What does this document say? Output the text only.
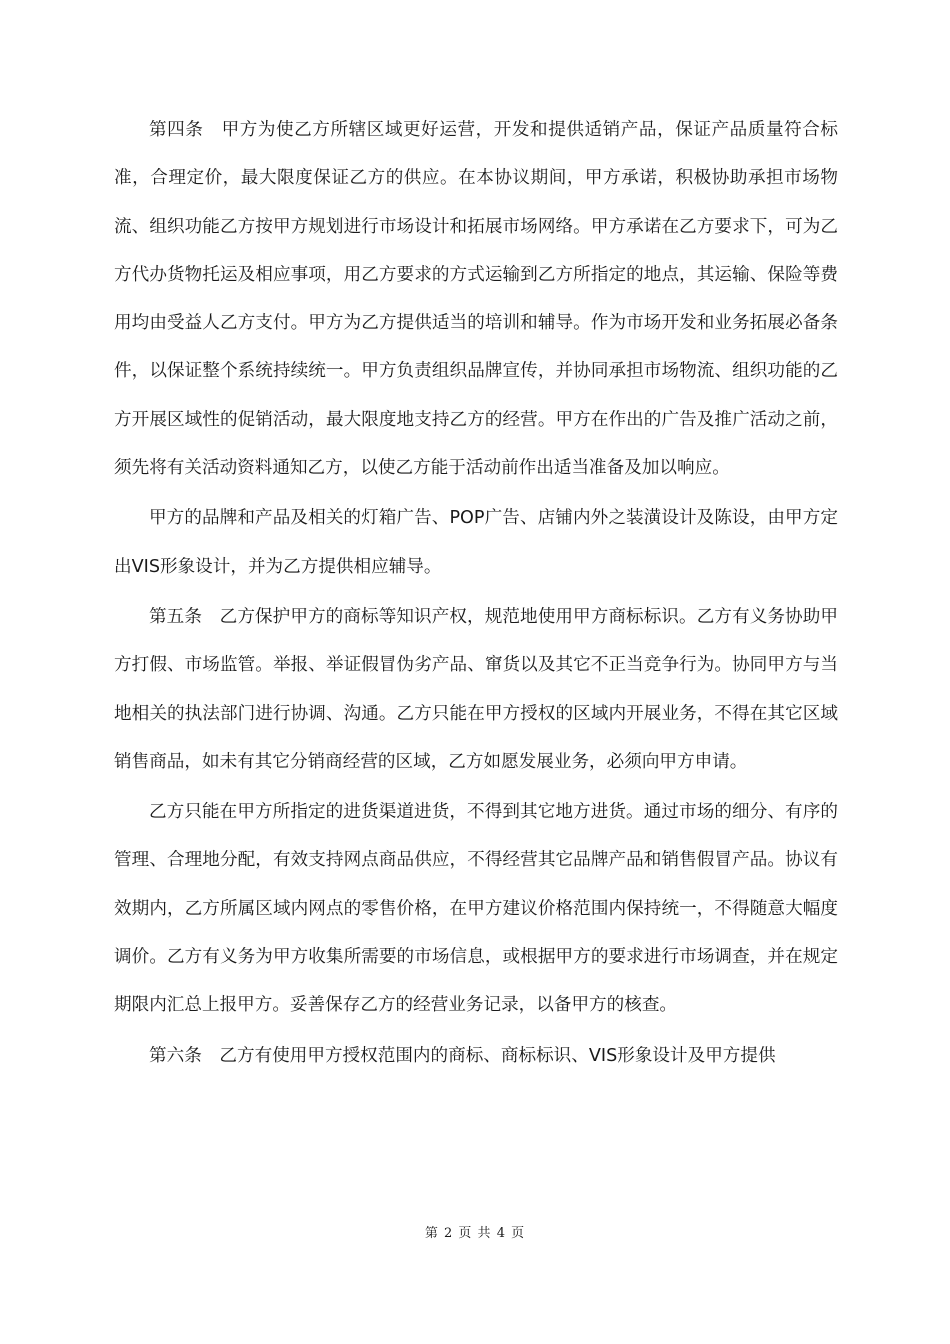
第四条　甲方为使乙方所辖区域更好运营，开发和提供适销产品，保证产品质量符合标准，合理定价，最大限度保证乙方的供应。在本协议期间，甲方承诺，积极协助承担市场物流、组织功能乙方按甲方规划进行市场设计和拓展市场网络。甲方承诺在乙方要求下，可为乙方代办货物托运及相应事项，用乙方要求的方式运输到乙方所指定的地点，其运输、保险等费用均由受益人乙方支付。甲方为乙方提供适当的培训和辅导。作为市场开发和业务拓展必备条件，以保证整个系统持续统一。甲方负责组织品牌宣传，并协同承担市场物流、组织功能的乙方开展区域性的促销活动，最大限度地支持乙方的经营。甲方在作出的广告及推广活动之前，须先将有关活动资料通知乙方，以使乙方能于活动前作出适当准备及加以响应。

甲方的品牌和产品及相关的灯箱广告、POP广告、店铺内外之装潢设计及陈设，由甲方定出VIS形象设计，并为乙方提供相应辅导。

第五条　乙方保护甲方的商标等知识产权，规范地使用甲方商标标识。乙方有义务协助甲方打假、市场监管。举报、举证假冒伪劣产品、窜货以及其它不正当竞争行为。协同甲方与当地相关的执法部门进行协调、沟通。乙方只能在甲方授权的区域内开展业务，不得在其它区域销售商品，如未有其它分销商经营的区域，乙方如愿发展业务，必须向甲方申请。

乙方只能在甲方所指定的进货渠道进货，不得到其它地方进货。通过市场的细分、有序的管理、合理地分配，有效支持网点商品供应，不得经营其它品牌产品和销售假冒产品。协议有效期内，乙方所属区域内网点的零售价格，在甲方建议价格范围内保持统一，不得随意大幅度调价。乙方有义务为甲方收集所需要的市场信息，或根据甲方的要求进行市场调查，并在规定期限内汇总上报甲方。妥善保存乙方的经营业务记录，以备甲方的核查。

第六条　乙方有使用甲方授权范围内的商标、商标标识、VIS形象设计及甲方提供

第 2 页 共 4 页
